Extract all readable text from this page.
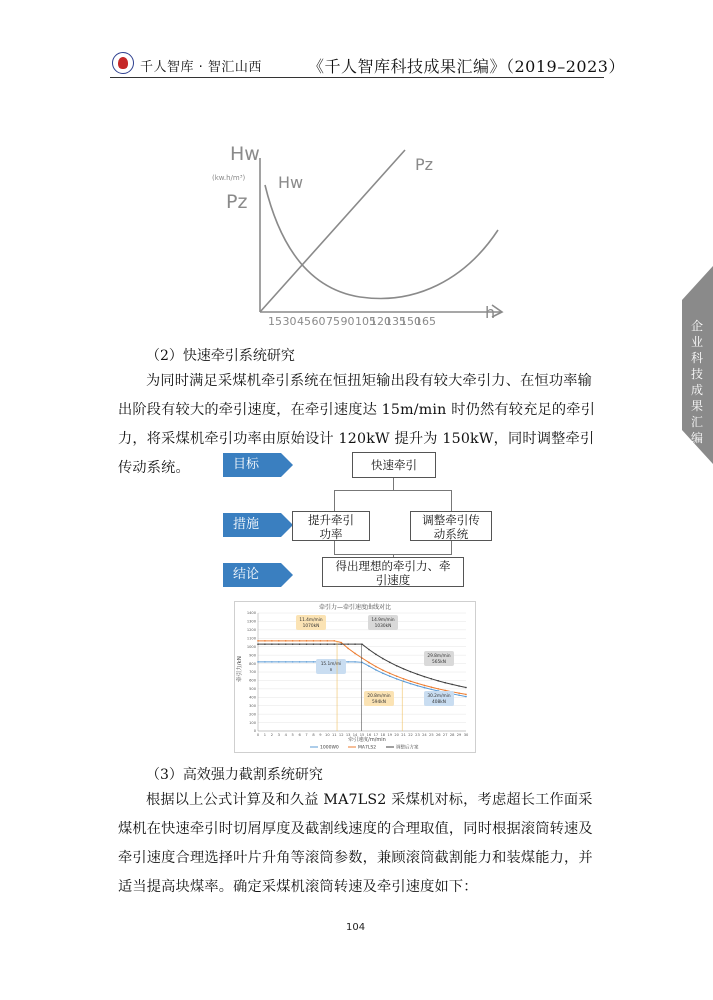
千人智库 · 智汇山西	《千人智库科技成果汇编》（2019–2023）
企业科技成果汇编
Hw
(kw.h/m³)
Pz
Hw
Pz
h
15 30 45 60 75 90 105
120
135
150
165
（2）快速牵引系统研究
为同时满足采煤机牵引系统在恒扭矩输出段有较大牵引力、在恒功率输出阶段有较大的牵引速度，在牵引速度达 15m/min 时仍然有较充足的牵引力，将采煤机牵引功率由原始设计 120kW 提升为 150kW，同时调整牵引传动系统。	目标
措施
结论
快速牵引
提升牵引功率
调整牵引传动系统
得出理想的牵引力、牵引速度
牵引力—牵引速度曲线对比
牵引力/kN
牵引速度/m/min
0
100
200
300
400
500
600
700
800
900
1000
1100
1200
1300
1400
0 1 2 3 4 5 6 7 8 9 10 11 12 13 14 15 16 17 18 19 20 21 22 23 24 25 26 27 28 29 30
11.4m/min
1070kN
14.9m/min
1030kN
15.1m/mi
n
29.8m/min
565kN
20.8m/min
594kN
30.2m/min
408kN
1000W0	MA7LS2	调整后方案
（3）高效强力截割系统研究
根据以上公式计算及和久益 MA7LS2 采煤机对标，考虑超长工作面采煤机在快速牵引时切屑厚度及截割线速度的合理取值，同时根据滚筒转速及牵引速度合理选择叶片升角等滚筒参数，兼顾滚筒截割能力和装煤能力，并适当提高块煤率。确定采煤机滚筒转速及牵引速度如下：
104
